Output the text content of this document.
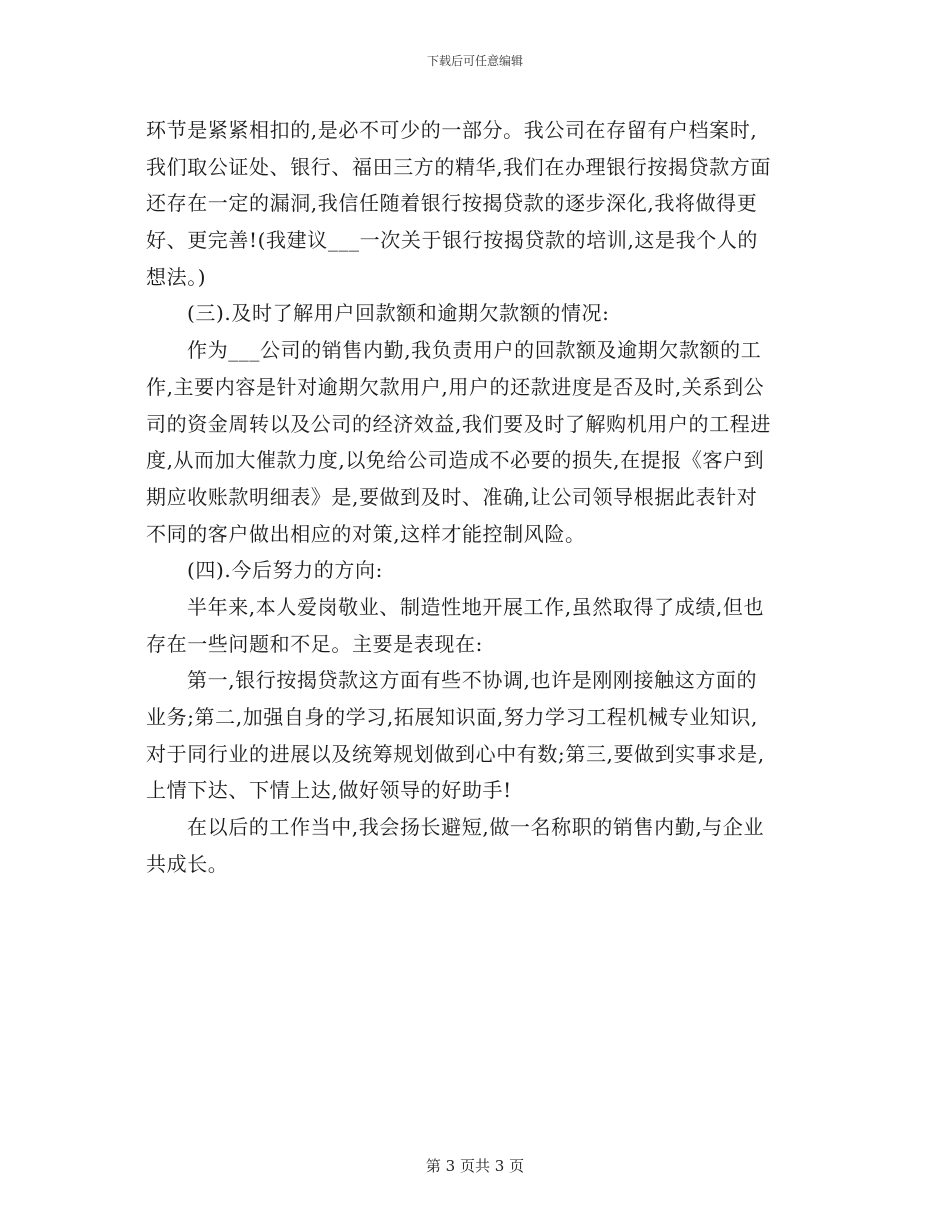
下载后可任意编辑
环节是紧紧相扣的,是必不可少的一部分。我公司在存留有户档案时,
我们取公证处、银行、福田三方的精华,我们在办理银行按揭贷款方面
还存在一定的漏洞,我信任随着银行按揭贷款的逐步深化,我将做得更
好、更完善!(我建议___一次关于银行按揭贷款的培训,这是我个人的
想法。)
(三).及时了解用户回款额和逾期欠款额的情况:
作为___公司的销售内勤,我负责用户的回款额及逾期欠款额的工
作,主要内容是针对逾期欠款用户,用户的还款进度是否及时,关系到公
司的资金周转以及公司的经济效益,我们要及时了解购机用户的工程进
度,从而加大催款力度,以免给公司造成不必要的损失,在提报《客户到
期应收账款明细表》是,要做到及时、准确,让公司领导根据此表针对
不同的客户做出相应的对策,这样才能控制风险。
(四).今后努力的方向:
半年来,本人爱岗敬业、制造性地开展工作,虽然取得了成绩,但也
存在一些问题和不足。主要是表现在:
第一,银行按揭贷款这方面有些不协调,也许是刚刚接触这方面的
业务;第二,加强自身的学习,拓展知识面,努力学习工程机械专业知识,
对于同行业的进展以及统筹规划做到心中有数;第三,要做到实事求是,
上情下达、下情上达,做好领导的好助手!
在以后的工作当中,我会扬长避短,做一名称职的销售内勤,与企业
共成长。
第 3 页共 3 页
